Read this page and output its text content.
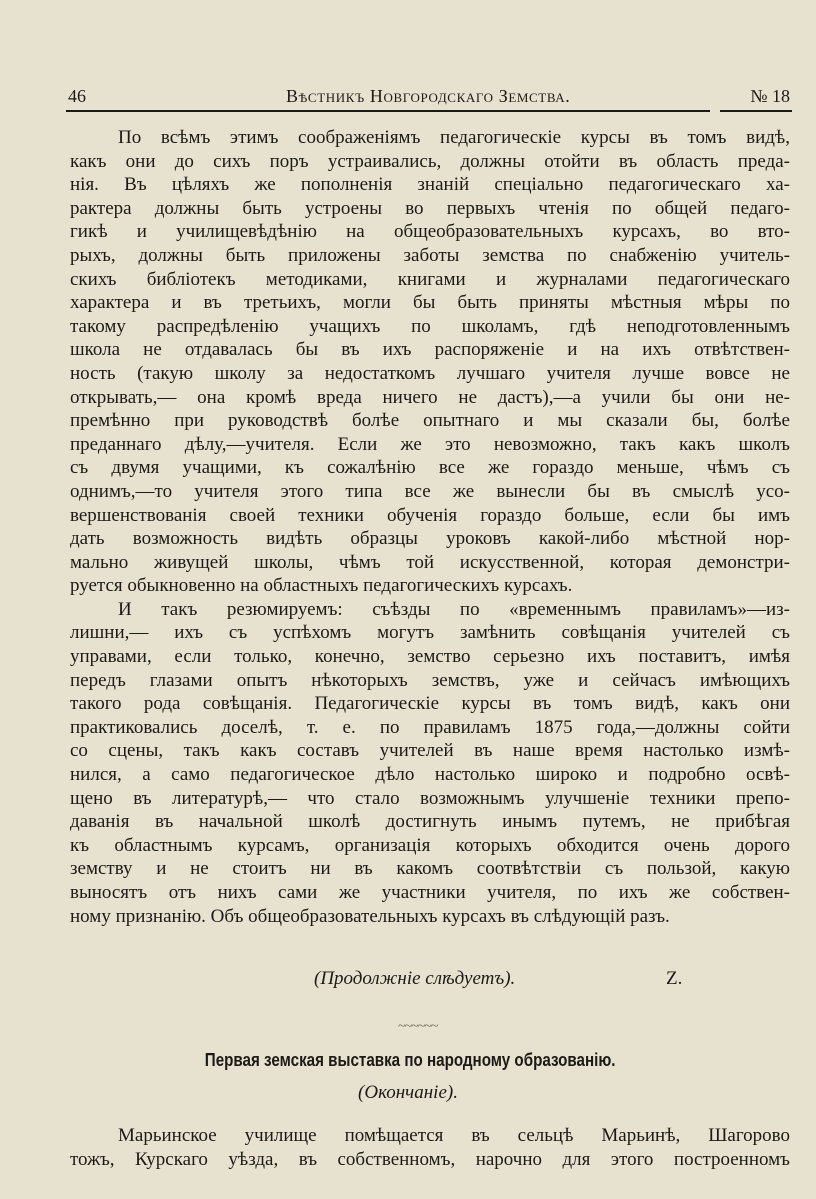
46	Вѣстникъ Новгородскаго Земства.	№ 18
По всѣмъ этимъ соображеніямъ педагогическіе курсы въ томъ видѣ,
какъ они до сихъ поръ устраивались, должны отойти въ область преда-
нія. Въ цѣляхъ же пополненія знаній спеціально педагогическаго ха-
рактера должны быть устроены во первыхъ чтенія по общей педаго-
гикѣ и училищевѣдѣнію на общеобразовательныхъ курсахъ, во вто-
рыхъ, должны быть приложены заботы земства по снабженію учитель-
скихъ библіотекъ методиками, книгами и журналами педагогическаго
характера и въ третьихъ, могли бы быть приняты мѣстныя мѣры по
такому распредѣленію учащихъ по школамъ, гдѣ неподготовленнымъ
школа не отдавалась бы въ ихъ распоряженіе и на ихъ отвѣтствен-
ность (такую школу за недостаткомъ лучшаго учителя лучше вовсе не
открывать,— она кромѣ вреда ничего не дастъ),—а учили бы они не-
премѣнно при руководствѣ болѣе опытнаго и мы сказали бы, болѣе
преданнаго дѣлу,—учителя. Если же это невозможно, такъ какъ школъ
съ двумя учащими, къ сожалѣнію все же гораздо меньше, чѣмъ съ
однимъ,—то учителя этого типа все же вынесли бы въ смыслѣ усо-
вершенствованія своей техники обученія гораздо больше, если бы имъ
дать возможность видѣть образцы уроковъ какой-либо мѣстной нор-
мально живущей школы, чѣмъ той искусственной, которая демонстри-
руется обыкновенно на областныхъ педагогическихъ курсахъ.
И такъ резюмируемъ: съѣзды по «временнымъ правиламъ»—из-
лишни,— ихъ съ успѣхомъ могутъ замѣнить совѣщанія учителей съ
управами, если только, конечно, земство серьезно ихъ поставитъ, имѣя
передъ глазами опытъ нѣкоторыхъ земствъ, уже и сейчасъ имѣющихъ
такого рода совѣщанія. Педагогическіе курсы въ томъ видѣ, какъ они
практиковались доселѣ, т. е. по правиламъ 1875 года,—должны сойти
со сцены, такъ какъ составъ учителей въ наше время настолько измѣ-
нился, а само педагогическое дѣло настолько широко и подробно освѣ-
щено въ литературѣ,— что стало возможнымъ улучшеніе техники препо-
даванія въ начальной школѣ достигнуть инымъ путемъ, не прибѣгая
къ областнымъ курсамъ, организація которыхъ обходится очень дорого
земству и не стоитъ ни въ какомъ соотвѣтствіи съ пользой, какую
выносятъ отъ нихъ сами же участники учителя, по ихъ же собствен-
ному признанію. Объ общеобразовательныхъ курсахъ въ слѣдующій разъ.
(Продолжніе слѣдуетъ).	Z.
~~~~~~
Первая земская выставка по народному образованію.
(Окончаніе).
Марьинское училище помѣщается въ сельцѣ Марьинѣ, Шагорово
тожъ, Курскаго уѣзда, въ собственномъ, нарочно для этого построенномъ
